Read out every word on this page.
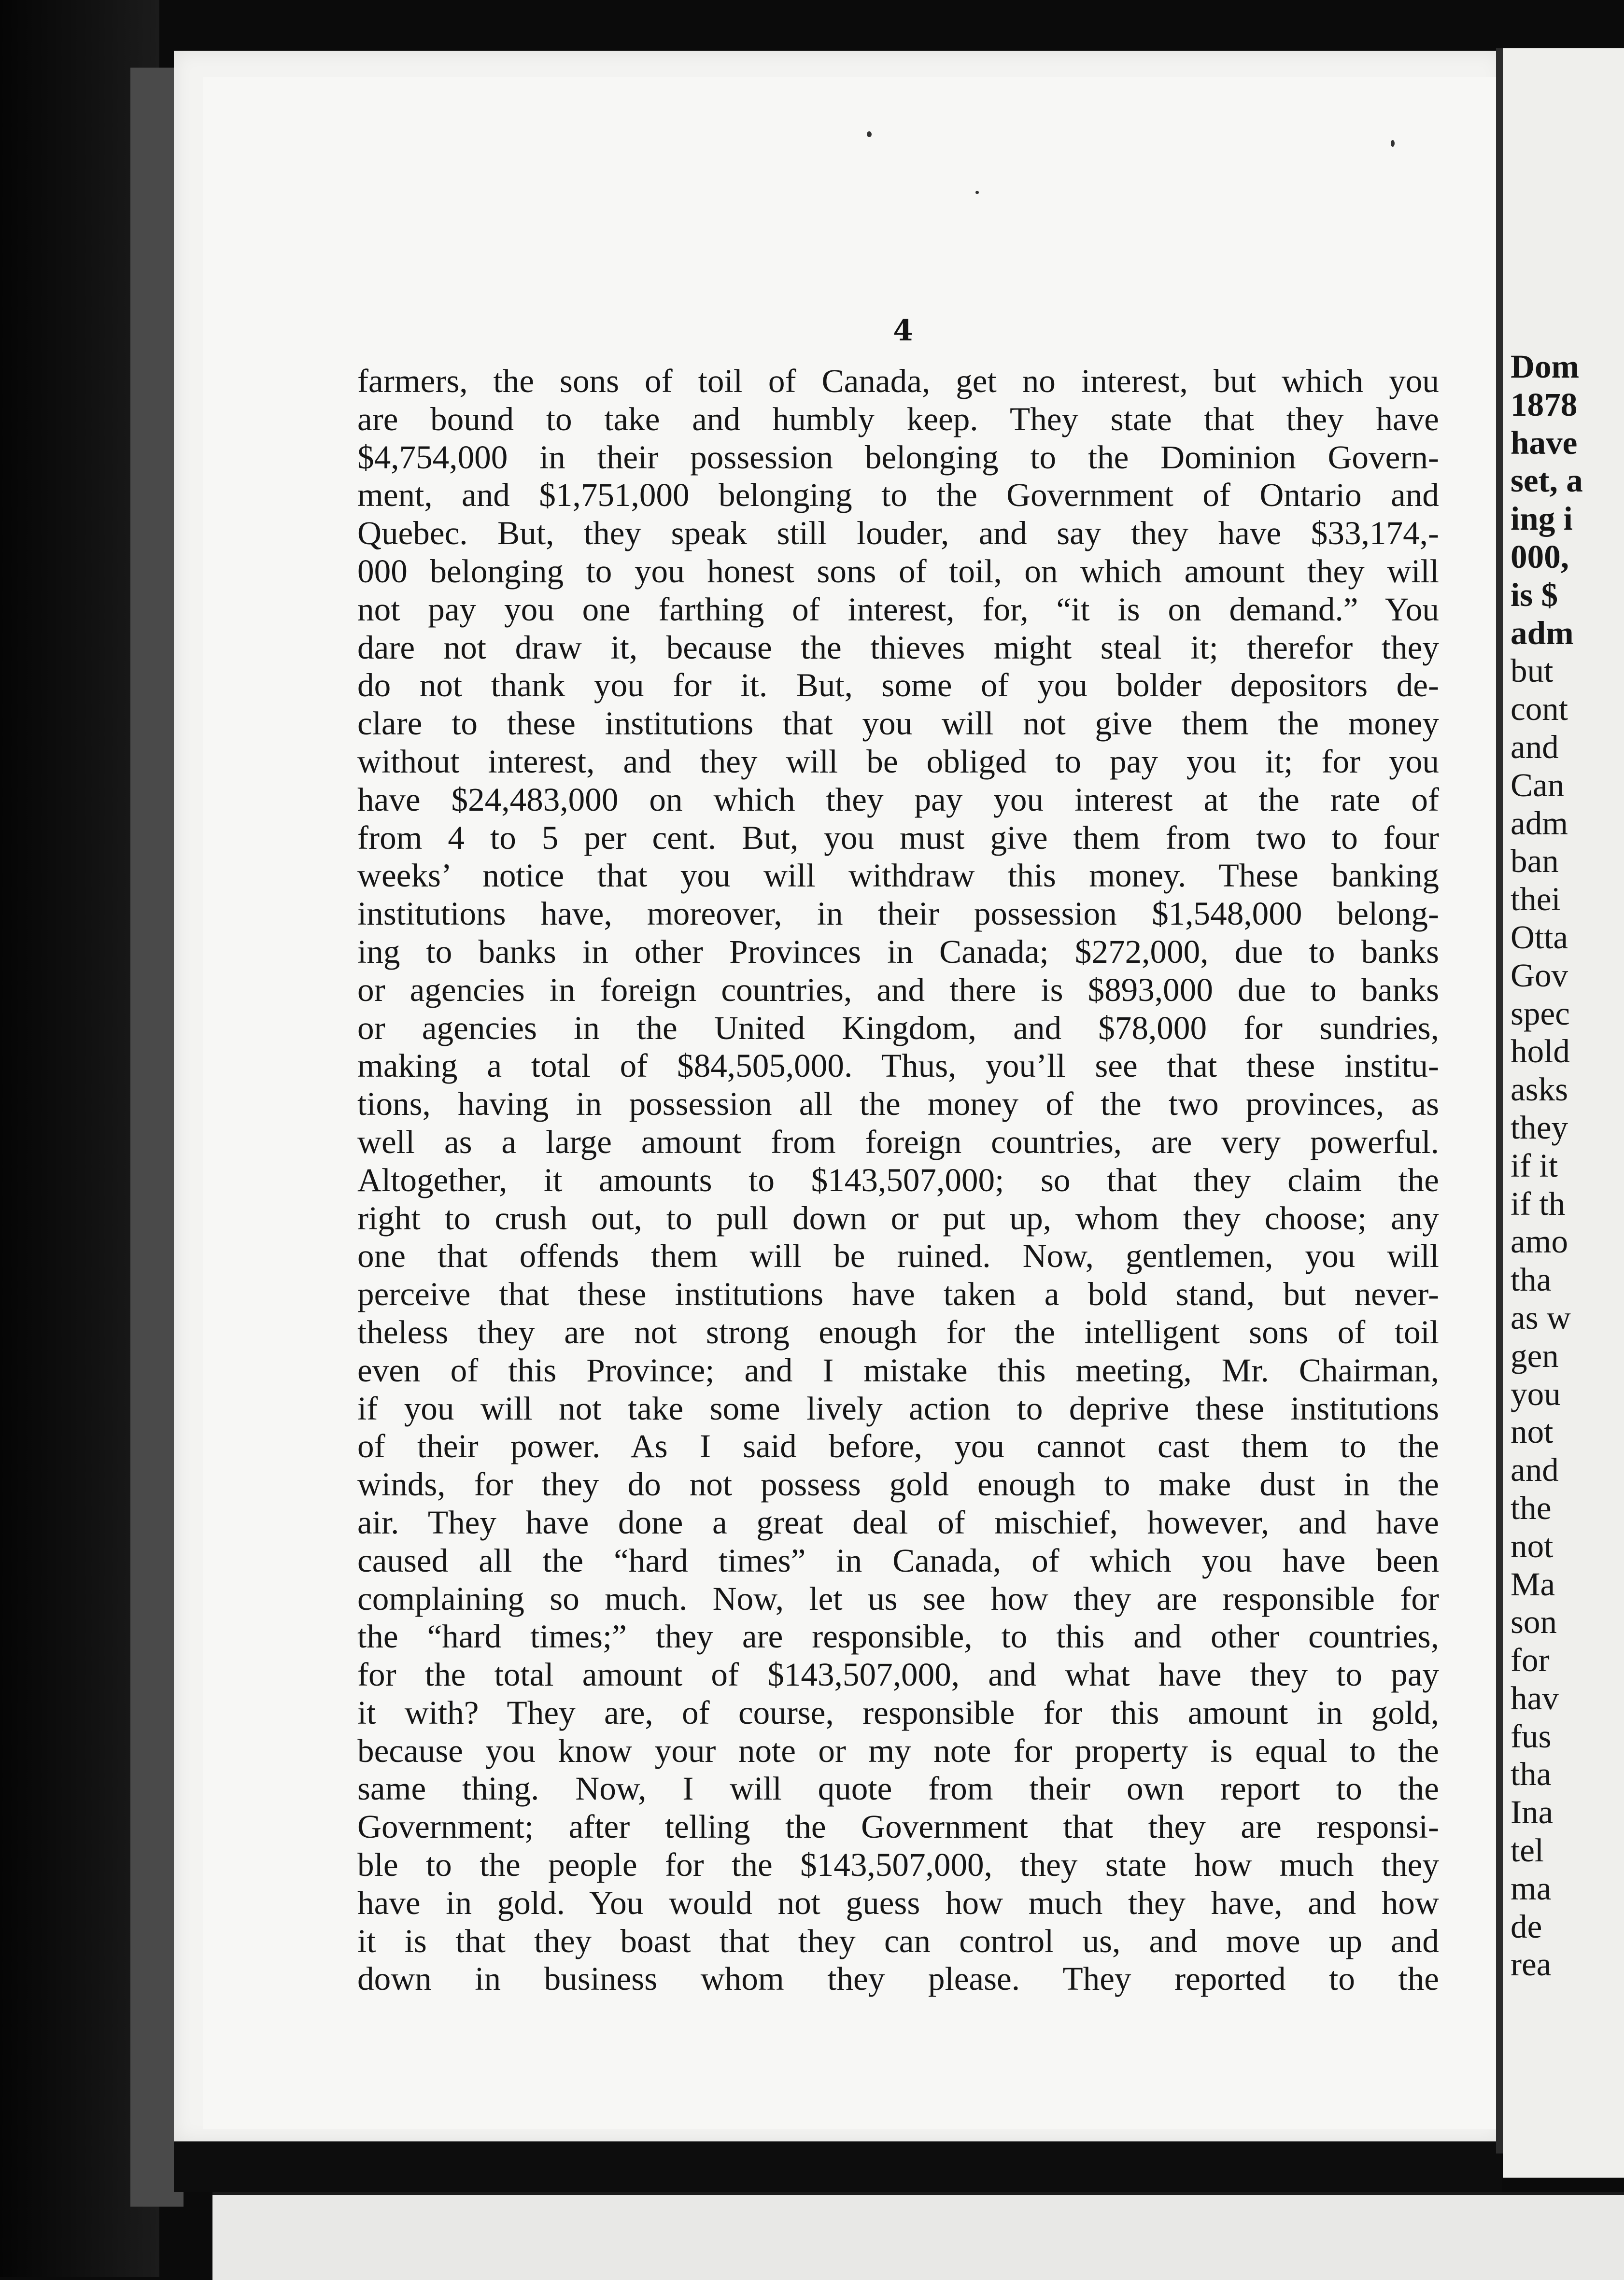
4
farmers, the sons of toil of Canada, get no interest, but which you
are bound to take and humbly keep. They state that they have
$4,754,000 in their possession belonging to the Dominion Govern-
ment, and $1,751,000 belonging to the Government of Ontario and
Quebec. But, they speak still louder, and say they have $33,174,-
000 belonging to you honest sons of toil, on which amount they will
not pay you one farthing of interest, for, “it is on demand.” You
dare not draw it, because the thieves might steal it; therefor they
do not thank you for it. But, some of you bolder depositors de-
clare to these institutions that you will not give them the money
without interest, and they will be obliged to pay you it; for you
have $24,483,000 on which they pay you interest at the rate of
from 4 to 5 per cent. But, you must give them from two to four
weeks’ notice that you will withdraw this money. These banking
institutions have, moreover, in their possession $1,548,000 belong-
ing to banks in other Provinces in Canada; $272,000, due to banks
or agencies in foreign countries, and there is $893,000 due to banks
or agencies in the United Kingdom, and $78,000 for sundries,
making a total of $84,505,000. Thus, you’ll see that these institu-
tions, having in possession all the money of the two provinces, as
well as a large amount from foreign countries, are very powerful.
Altogether, it amounts to $143,507,000; so that they claim the
right to crush out, to pull down or put up, whom they choose; any
one that offends them will be ruined. Now, gentlemen, you will
perceive that these institutions have taken a bold stand, but never-
theless they are not strong enough for the intelligent sons of toil
even of this Province; and I mistake this meeting, Mr. Chairman,
if you will not take some lively action to deprive these institutions
of their power. As I said before, you cannot cast them to the
winds, for they do not possess gold enough to make dust in the
air. They have done a great deal of mischief, however, and have
caused all the “hard times” in Canada, of which you have been
complaining so much. Now, let us see how they are responsible for
the “hard times;” they are responsible, to this and other countries,
for the total amount of $143,507,000, and what have they to pay
it with? They are, of course, responsible for this amount in gold,
because you know your note or my note for property is equal to the
same thing. Now, I will quote from their own report to the
Government; after telling the Government that they are responsi-
ble to the people for the $143,507,000, they state how much they
have in gold. You would not guess how much they have, and how
it is that they boast that they can control us, and move up and
down in business whom they please. They reported to the
Dom
1878
have
set, a
ing i
000,
is $
adm
but
cont
and
Can
adm
ban
thei
Otta
Gov
spec
hold
asks
they
if it
if th
amo
tha
as w
gen
you
not
and
the
not
Ma
son
for
hav
fus
tha
Ina
tel
ma
de
rea
